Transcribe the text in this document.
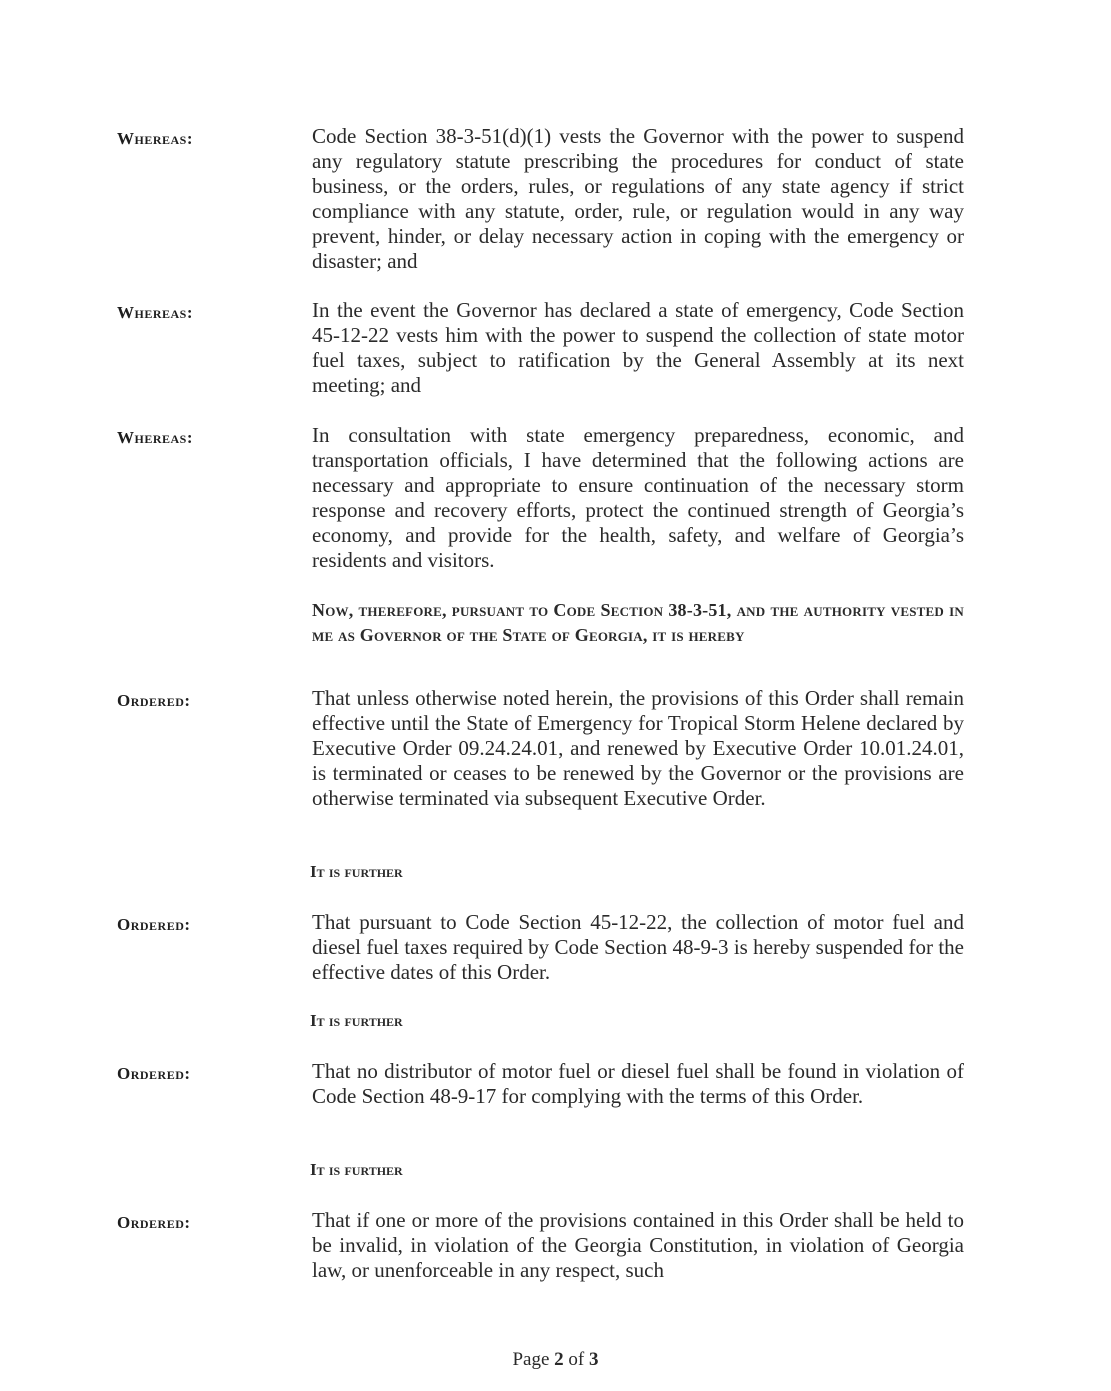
Whereas:	Code Section 38-3-51(d)(1) vests the Governor with the power to suspend any regulatory statute prescribing the procedures for conduct of state business, or the orders, rules, or regulations of any state agency if strict compliance with any statute, order, rule, or regulation would in any way prevent, hinder, or delay necessary action in coping with the emergency or disaster; and

Whereas:	In the event the Governor has declared a state of emergency, Code Section 45-12-22 vests him with the power to suspend the collection of state motor fuel taxes, subject to ratification by the General Assembly at its next meeting; and

Whereas:	In consultation with state emergency preparedness, economic, and transportation officials, I have determined that the following actions are necessary and appropriate to ensure continuation of the necessary storm response and recovery efforts, protect the continued strength of Georgia’s economy, and provide for the health, safety, and welfare of Georgia’s residents and visitors.

Now, therefore, pursuant to Code Section 38-3-51, and the authority vested in me as Governor of the State of Georgia, it is hereby

Ordered:	That unless otherwise noted herein, the provisions of this Order shall remain effective until the State of Emergency for Tropical Storm Helene declared by Executive Order 09.24.24.01, and renewed by Executive Order 10.01.24.01, is terminated or ceases to be renewed by the Governor or the provisions are otherwise terminated via subsequent Executive Order.

It is further
Ordered:	That pursuant to Code Section 45-12-22, the collection of motor fuel and diesel fuel taxes required by Code Section 48-9-3 is hereby suspended for the effective dates of this Order.

It is further
Ordered:	That no distributor of motor fuel or diesel fuel shall be found in violation of Code Section 48-9-17 for complying with the terms of this Order.

It is further
Ordered:	That if one or more of the provisions contained in this Order shall be held to be invalid, in violation of the Georgia Constitution, in violation of Georgia law, or unenforceable in any respect, such

Page 2 of 3
